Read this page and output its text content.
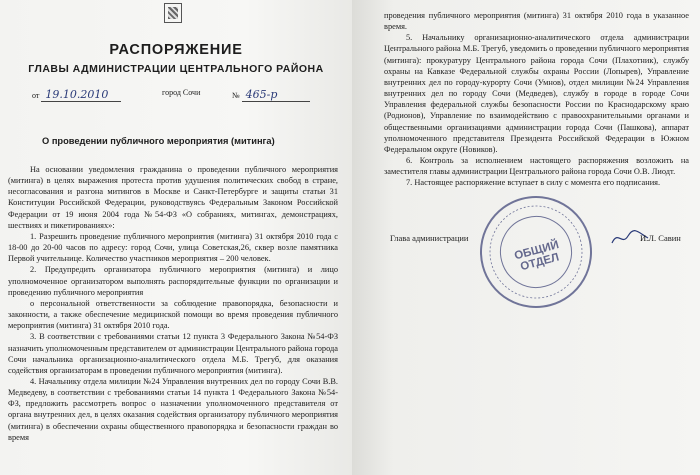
РАСПОРЯЖЕНИЕ
ГЛАВЫ АДМИНИСТРАЦИИ ЦЕНТРАЛЬНОГО РАЙОНА
от 19.10.2010	город Сочи	№ 465-р
О проведении публичного мероприятия (митинга)

На основании уведомления гражданина о проведении публичного мероприятия (митинга) в целях выражения протеста против удушения политических свобод в стране, несогласования и разгона митингов в Москве и Санкт-Петербурге и защиты статьи 31 Конституции Российской Федерации, руководствуясь Федеральным Законом Российской Федерации от 19 июня 2004 года №54-ФЗ «О собраниях, митингах, демонстрациях, шествиях и пикетированиях»:

1. Разрешить проведение публичного мероприятия (митинга) 31 октября 2010 года с 18-00 до 20-00 часов по адресу: город Сочи, улица Советская,26, сквер возле памятника Первой учительнице. Количество участников мероприятия – 200 человек.

2. Предупредить организатора публичного мероприятия (митинга) и лицо уполномоченное организатором выполнять распорядительные функции по организации и проведению публичного мероприятия

о персональной ответственности за соблюдение правопорядка, безопасности и законности, а также обеспечение медицинской помощи во время проведения публичного мероприятия (митинга) 31 октября 2010 года.

3. В соответствии с требованиями статьи 12 пункта 3 Федерального Закона №54-ФЗ назначить уполномоченным представителем от администрации Центрального района города Сочи начальника организационно-аналитического отдела М.Б. Трегуб, для оказания содействия организаторам в проведении публичного мероприятия (митинга).

4. Начальнику отдела милиции №24 Управления внутренних дел по городу Сочи В.В. Медведеву, в соответствии с требованиями статьи 14 пункта 1 Федерального Закона №54-ФЗ, предложить рассмотреть вопрос о назначении уполномоченного представителя от органа внутренних дел, в целях оказания содействия организатору публичного мероприятия (митинга) в обеспечении охраны общественного правопорядка и безопасности граждан во время

проведения публичного мероприятия (митинга) 31 октября 2010 года в указанное время.

5. Начальнику организационно-аналитического отдела администрации Центрального района М.Б. Трегуб, уведомить о проведении публичного мероприятия (митинга): прокуратуру Центрального района города Сочи (Плахотник), службу охраны на Кавказе Федеральной службы охраны России (Лопырев), Управление внутренних дел по городу-курорту Сочи (Умнов), отдел милиции №24 Управления внутренних дел по городу Сочи (Медведев), службу в городе в городе Сочи Управления федеральной службы безопасности России по Краснодарскому краю (Родионов), Управление по взаимодействию с правоохранительными органами и общественными организациями администрации города Сочи (Пашкова), аппарат уполномоченного представителя Президента Российской Федерации в Южном Федеральном округе (Новиков).

6. Контроль за исполнением настоящего распоряжения возложить на заместителя главы администрации Центрального района города Сочи О.В. Лиодт.

7. Настоящее распоряжение вступает в силу с момента его подписания.

Глава администрации	И.Л. Савин
ОБЩИЙ ОТДЕЛ
